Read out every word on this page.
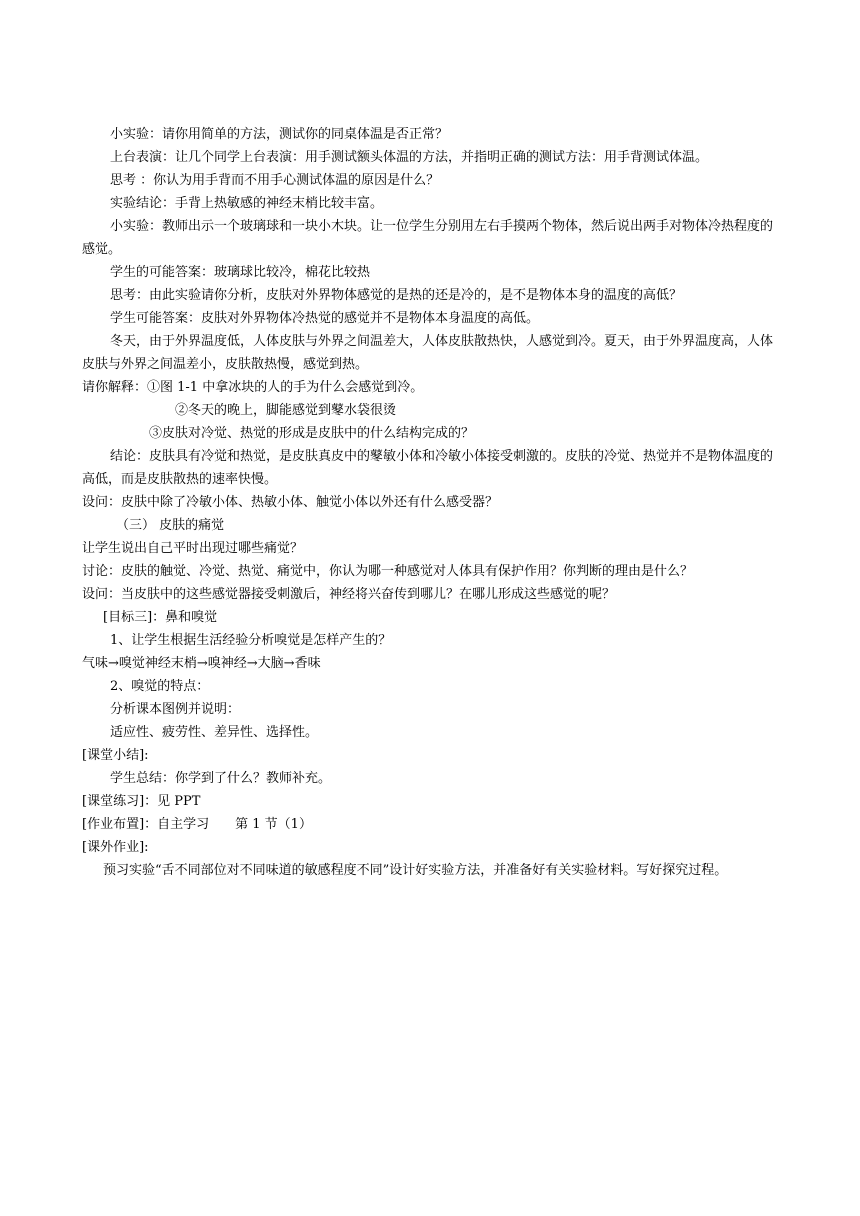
小实验：请你用简单的方法，测试你的同桌体温是否正常？

上台表演：让几个同学上台表演：用手测试额头体温的方法，并指明正确的测试方法：用手背测试体温。

思考 ：你认为用手背而不用手心测试体温的原因是什么？

实验结论：手背上热敏感的神经末梢比较丰富。

小实验：教师出示一个玻璃球和一块小木块。让一位学生分别用左右手摸两个物体，然后说出两手对物体冷热程度的感觉。

学生的可能答案：玻璃球比较冷，棉花比较热

思考：由此实验请你分析，皮肤对外界物体感觉的是热的还是冷的，是不是物体本身的温度的高低？

学生可能答案：皮肤对外界物体冷热觉的感觉并不是物体本身温度的高低。

冬天，由于外界温度低，人体皮肤与外界之间温差大，人体皮肤散热快，人感觉到冷。夏天，由于外界温度高，人体皮肤与外界之间温差小，皮肤散热慢，感觉到热。

请你解释：①图 1-1 中拿冰块的人的手为什么会感觉到冷。

②冬天的晚上，脚能感觉到鼕水袋很烫

③皮肤对冷觉、热觉的形成是皮肤中的什么结构完成的？

结论：皮肤具有冷觉和热觉，是皮肤真皮中的鼕敏小体和冷敏小体接受刺激的。皮肤的冷觉、热觉并不是物体温度的高低，而是皮肤散热的速率快慢。

设问：皮肤中除了冷敏小体、热敏小体、触觉小体以外还有什么感受器？

（三） 皮肤的痛觉

让学生说出自己平时出现过哪些痛觉？

讨论：皮肤的触觉、冷觉、热觉、痛觉中，你认为哪一种感觉对人体具有保护作用？你判断的理由是什么？

设问：当皮肤中的这些感觉器接受刺激后，神经将兴奋传到哪儿？在哪儿形成这些感觉的呢？

[目标三]：鼻和嗅觉

1、让学生根据生活经验分析嗅觉是怎样产生的？

气味→嗅觉神经末梢→嗅神经→大脑→香味

2、嗅觉的特点：

分析课本图例并说明：

适应性、疲劳性、差异性、选择性。

[课堂小结]:

学生总结：你学到了什么？教师补充。

[课堂练习]：见 PPT

[作业布置]：自主学习　　第 1 节（1）

[课外作业]:

预习实验“舌不同部位对不同味道的敏感程度不同”设计好实验方法，并准备好有关实验材料。写好探究过程。
